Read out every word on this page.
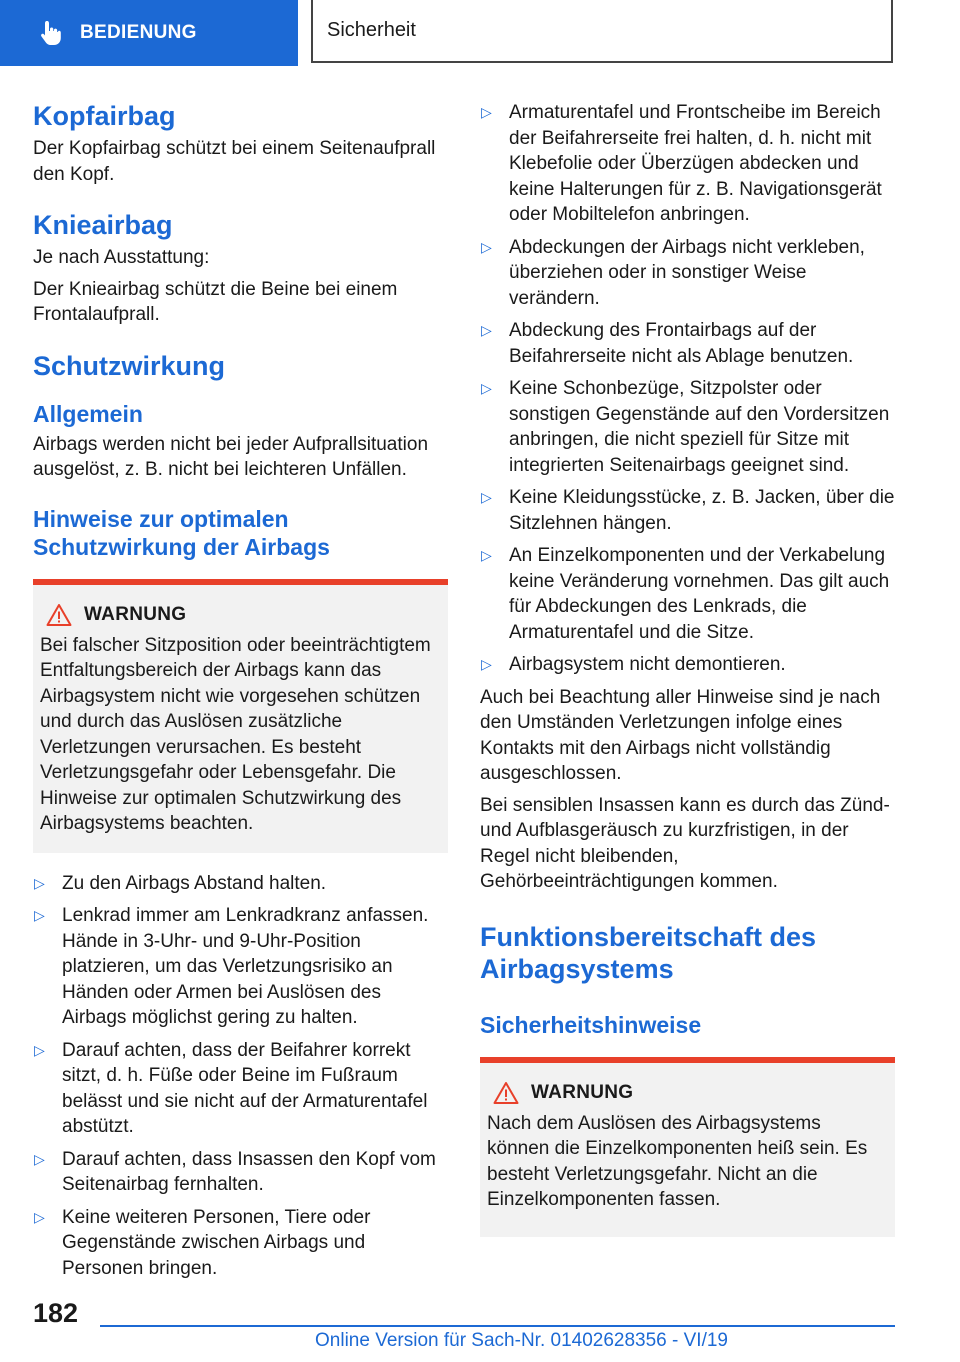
BEDIENUNG	Sicherheit
Kopfairbag

Der Kopfairbag schützt bei einem Seitenaufprall den Kopf.

Knieairbag

Je nach Ausstattung:

Der Knieairbag schützt die Beine bei einem Frontalaufprall.

Schutzwirkung
Allgemein

Airbags werden nicht bei jeder Aufprallsituation ausgelöst, z. B. nicht bei leichteren Unfällen.

Hinweise zur optimalen Schutzwirkung der Airbags
WARNUNG

Bei falscher Sitzposition oder beeinträchtigtem Entfaltungsbereich der Airbags kann das Airbagsystem nicht wie vorgesehen schützen und durch das Auslösen zusätzliche Verletzungen verursachen. Es besteht Verletzungsgefahr oder Lebensgefahr. Die Hinweise zur optimalen Schutzwirkung des Airbagsystems beachten.

▷ Zu den Airbags Abstand halten.
▷ Lenkrad immer am Lenkradkranz anfassen. Hände in 3-Uhr- und 9-Uhr-Position platzieren, um das Verletzungsrisiko an Händen oder Armen bei Auslösen des Airbags möglichst gering zu halten.
▷ Darauf achten, dass der Beifahrer korrekt sitzt, d. h. Füße oder Beine im Fußraum belässt und sie nicht auf der Armaturentafel abstützt.
▷ Darauf achten, dass Insassen den Kopf vom Seitenairbag fernhalten.
▷ Keine weiteren Personen, Tiere oder Gegenstände zwischen Airbags und Personen bringen.
▷ Armaturentafel und Frontscheibe im Bereich der Beifahrerseite frei halten, d. h. nicht mit Klebefolie oder Überzügen abdecken und keine Halterungen für z. B. Navigationsgerät oder Mobiltelefon anbringen.
▷ Abdeckungen der Airbags nicht verkleben, überziehen oder in sonstiger Weise verändern.
▷ Abdeckung des Frontairbags auf der Beifahrerseite nicht als Ablage benutzen.
▷ Keine Schonbezüge, Sitzpolster oder sonstigen Gegenstände auf den Vordersitzen anbringen, die nicht speziell für Sitze mit integrierten Seitenairbags geeignet sind.
▷ Keine Kleidungsstücke, z. B. Jacken, über die Sitzlehnen hängen.
▷ An Einzelkomponenten und der Verkabelung keine Veränderung vornehmen. Das gilt auch für Abdeckungen des Lenkrads, die Armaturentafel und die Sitze.
▷ Airbagsystem nicht demontieren.

Auch bei Beachtung aller Hinweise sind je nach den Umständen Verletzungen infolge eines Kontakts mit den Airbags nicht vollständig ausgeschlossen.

Bei sensiblen Insassen kann es durch das Zünd- und Aufblasgeräusch zu kurzfristigen, in der Regel nicht bleibenden, Gehörbeeinträchtigungen kommen.

Funktionsbereitschaft des Airbagsystems
Sicherheitshinweise
WARNUNG

Nach dem Auslösen des Airbagsystems können die Einzelkomponenten heiß sein. Es besteht Verletzungsgefahr. Nicht an die Einzelkomponenten fassen.

182
Online Version für Sach-Nr. 01402628356 - VI/19
